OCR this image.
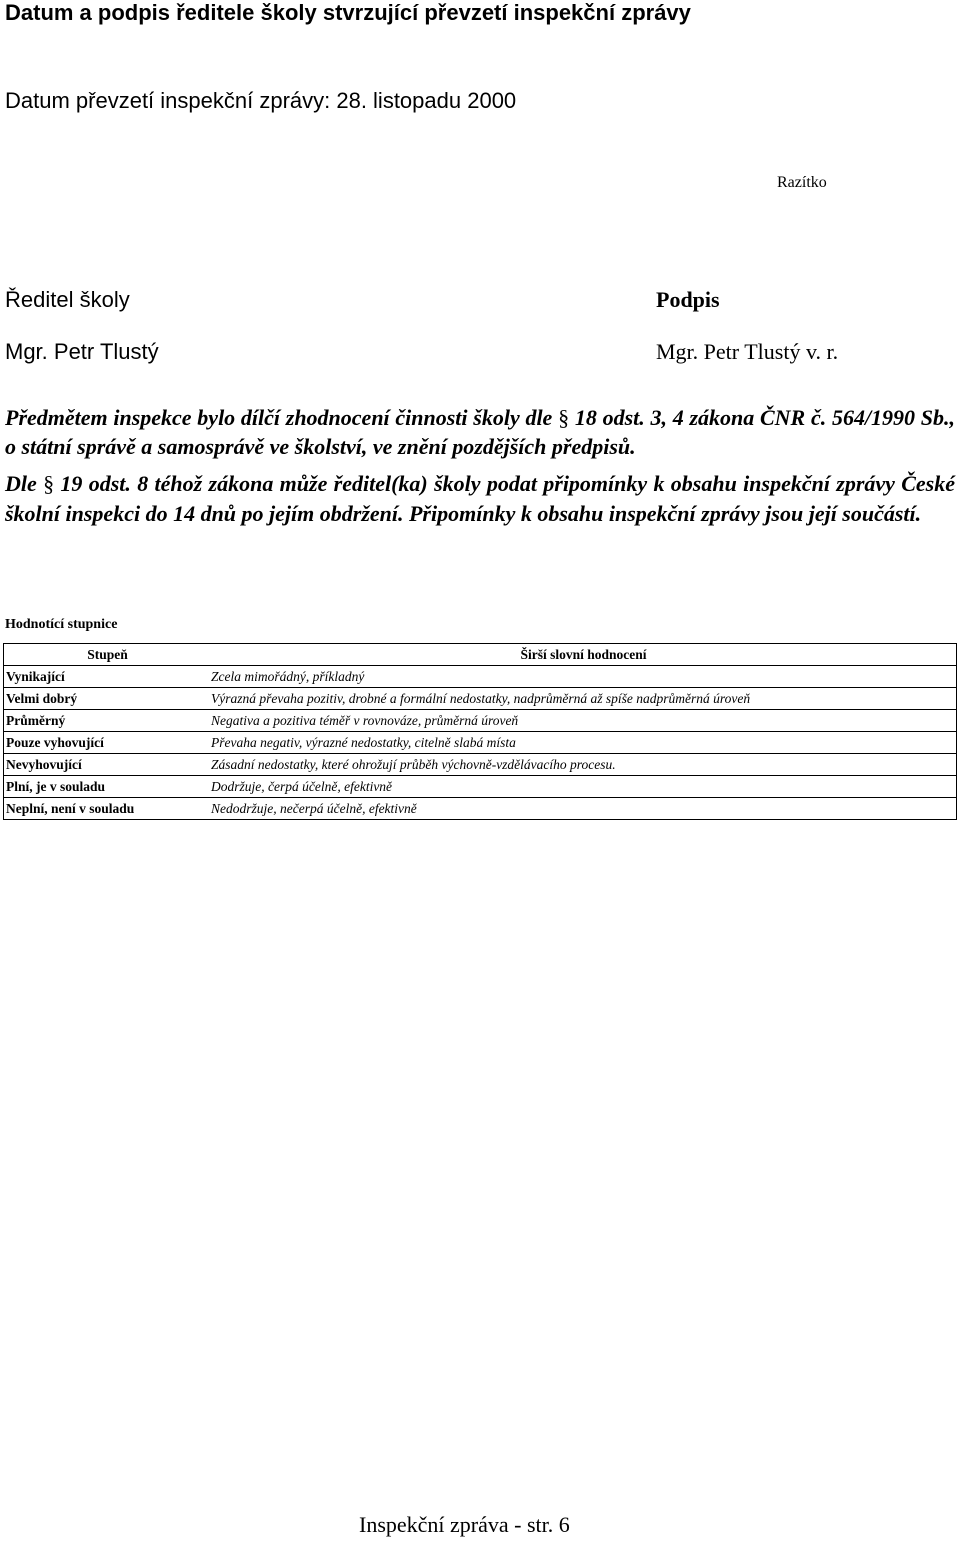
Datum a podpis ředitele školy stvrzující převzetí inspekční zprávy
Datum převzetí inspekční zprávy: 28. listopadu 2000
Razítko
Ředitel školy
Mgr. Petr Tlustý
Podpis
Mgr. Petr Tlustý v. r.
Předmětem inspekce bylo dílčí zhodnocení činnosti školy dle § 18 odst. 3, 4 zákona ČNR č. 564/1990 Sb., o státní správě a samosprávě ve školství, ve znění pozdějších předpisů.
Dle § 19 odst. 8 téhož zákona může ředitel(ka) školy podat připomínky k obsahu inspekční zprávy České školní inspekci do 14 dnů po jejím obdržení. Připomínky k obsahu inspekční zprávy jsou její součástí.
Hodnotící stupnice
Stupeň	Širší slovní hodnocení
Vynikající	Zcela mimořádný, příkladný
Velmi dobrý	Výrazná převaha pozitiv, drobné a formální nedostatky, nadprůměrná až spíše nadprůměrná úroveň
Průměrný	Negativa a pozitiva téměř v rovnováze, průměrná úroveň
Pouze vyhovující	Převaha negativ, výrazné nedostatky, citelně slabá místa
Nevyhovující	Zásadní nedostatky, které ohrožují průběh výchovně-vzdělávacího procesu.
Plní, je v souladu	Dodržuje, čerpá účelně, efektivně
Neplní, není v souladu	Nedodržuje, nečerpá účelně, efektivně
Inspekční zpráva - str. 6
